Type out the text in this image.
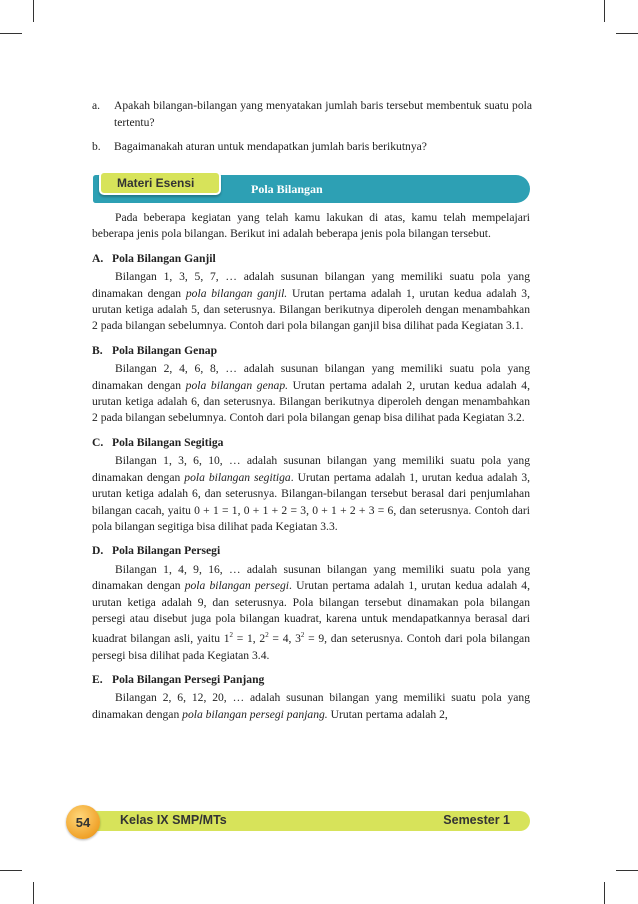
a.	Apakah bilangan-bilangan yang menyatakan jumlah baris tersebut membentuk suatu pola tertentu?
b.	Bagaimanakah aturan untuk mendapatkan jumlah baris berikutnya?
Materi Esensi	Pola Bilangan

Pada beberapa kegiatan yang telah kamu lakukan di atas, kamu telah mempelajari beberapa jenis pola bilangan. Berikut ini adalah beberapa jenis pola bilangan tersebut.

A. Pola Bilangan Ganjil

Bilangan 1, 3, 5, 7, … adalah susunan bilangan yang memiliki suatu pola yang dinamakan dengan pola bilangan ganjil. Urutan pertama adalah 1, urutan kedua adalah 3, urutan ketiga adalah 5, dan seterusnya. Bilangan berikutnya diperoleh dengan menambahkan 2 pada bilangan sebelumnya. Contoh dari pola bilangan ganjil bisa dilihat pada Kegiatan 3.1.

B. Pola Bilangan Genap

Bilangan 2, 4, 6, 8, … adalah susunan bilangan yang memiliki suatu pola yang dinamakan dengan pola bilangan genap. Urutan pertama adalah 2, urutan kedua adalah 4, urutan ketiga adalah 6, dan seterusnya. Bilangan berikutnya diperoleh dengan menambahkan 2 pada bilangan sebelumnya. Contoh dari pola bilangan genap bisa dilihat pada Kegiatan 3.2.

C. Pola Bilangan Segitiga

Bilangan 1, 3, 6, 10, … adalah susunan bilangan yang memiliki suatu pola yang dinamakan dengan pola bilangan segitiga. Urutan pertama adalah 1, urutan kedua adalah 3, urutan ketiga adalah 6, dan seterusnya. Bilangan-bilangan tersebut berasal dari penjumlahan bilangan cacah, yaitu 0 + 1 = 1, 0 + 1 + 2 = 3, 0 + 1 + 2 + 3 = 6, dan seterusnya. Contoh dari pola bilangan segitiga bisa dilihat pada Kegiatan 3.3.

D. Pola Bilangan Persegi

Bilangan 1, 4, 9, 16, … adalah susunan bilangan yang memiliki suatu pola yang dinamakan dengan pola bilangan persegi. Urutan pertama adalah 1, urutan kedua adalah 4, urutan ketiga adalah 9, dan seterusnya. Pola bilangan tersebut dinamakan pola bilangan persegi atau disebut juga pola bilangan kuadrat, karena untuk mendapatkannya berasal dari kuadrat bilangan asli, yaitu $1^2 = 1$, $2^2 = 4$, $3^2 = 9$, dan seterusnya. Contoh dari pola bilangan persegi bisa dilihat pada Kegiatan 3.4.

E. Pola Bilangan Persegi Panjang

Bilangan 2, 6, 12, 20, … adalah susunan bilangan yang memiliki suatu pola yang dinamakan dengan pola bilangan persegi panjang. Urutan pertama adalah 2,

54	Kelas IX SMP/MTs	Semester 1
